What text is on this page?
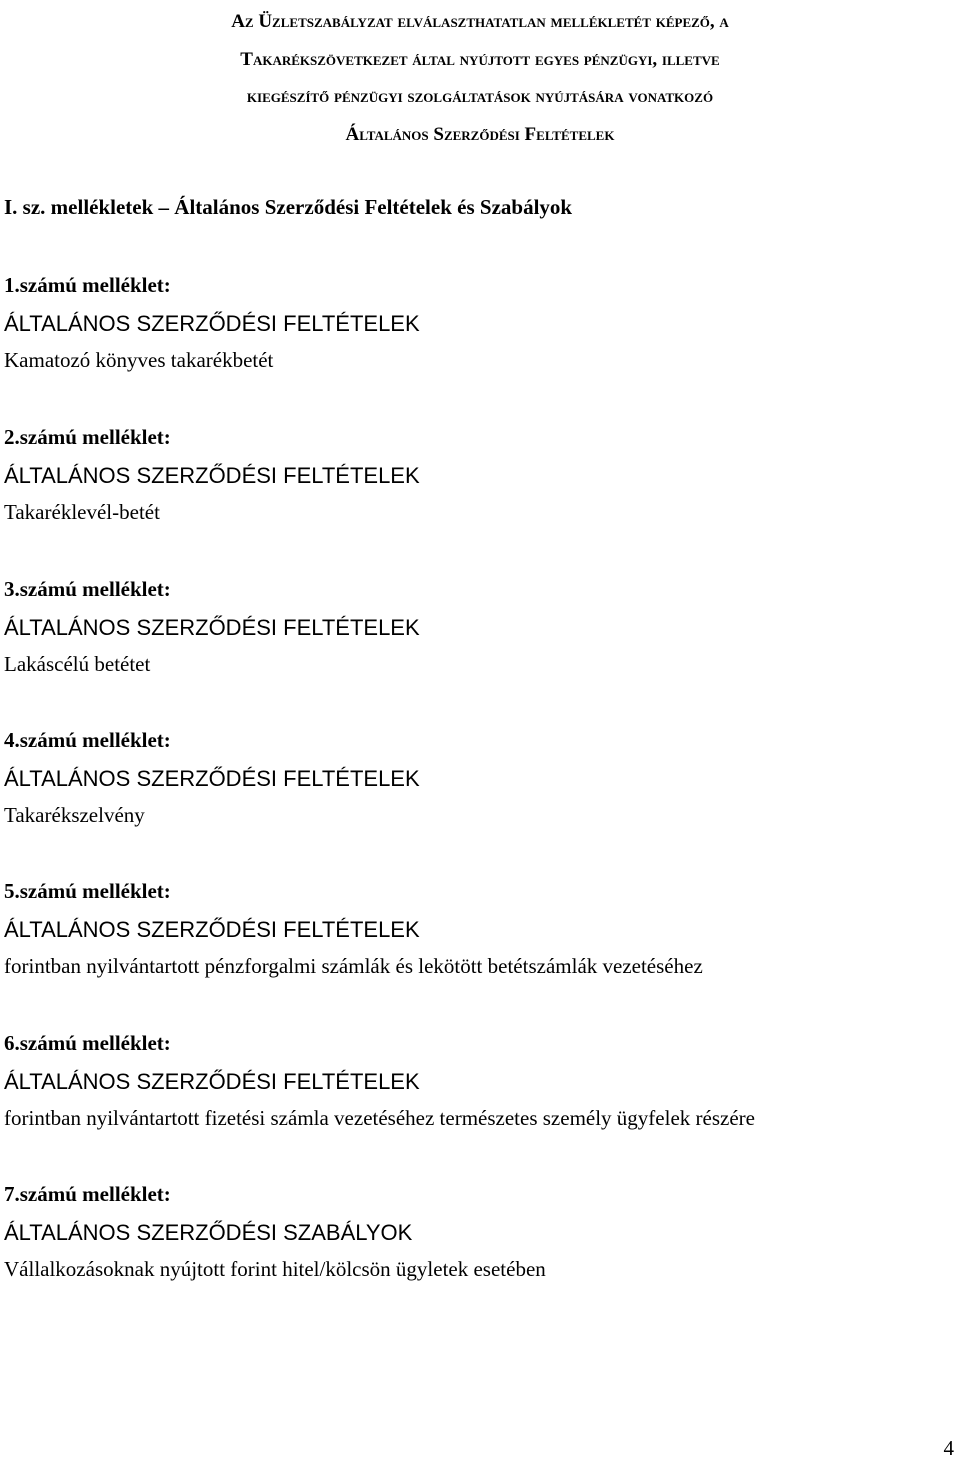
Az Üzletszabályzat elválaszthatatlan mellékletét képező, a
Takarékszövetkezet által nyújtott egyes pénzügyi, illetve
kiegészítő pénzügyi szolgáltatások nyújtására vonatkozó
Általános Szerződési Feltételek
I. sz. mellékletek – Általános Szerződési Feltételek és Szabályok
1.számú melléklet:
ÁLTALÁNOS SZERZŐDÉSI FELTÉTELEK
Kamatozó könyves takarékbetét
2.számú melléklet:
ÁLTALÁNOS SZERZŐDÉSI FELTÉTELEK
Takaréklevél-betét
3.számú melléklet:
ÁLTALÁNOS SZERZŐDÉSI FELTÉTELEK
Lakáscélú betétet
4.számú melléklet:
ÁLTALÁNOS SZERZŐDÉSI FELTÉTELEK
Takarékszelvény
5.számú melléklet:
ÁLTALÁNOS SZERZŐDÉSI FELTÉTELEK
forintban nyilvántartott pénzforgalmi számlák és lekötött betétszámlák vezetéséhez
6.számú melléklet:
ÁLTALÁNOS SZERZŐDÉSI FELTÉTELEK
forintban nyilvántartott fizetési számla vezetéséhez természetes személy ügyfelek részére
7.számú melléklet:
ÁLTALÁNOS SZERZŐDÉSI SZABÁLYOK
Vállalkozásoknak nyújtott forint hitel/kölcsön ügyletek esetében
4
